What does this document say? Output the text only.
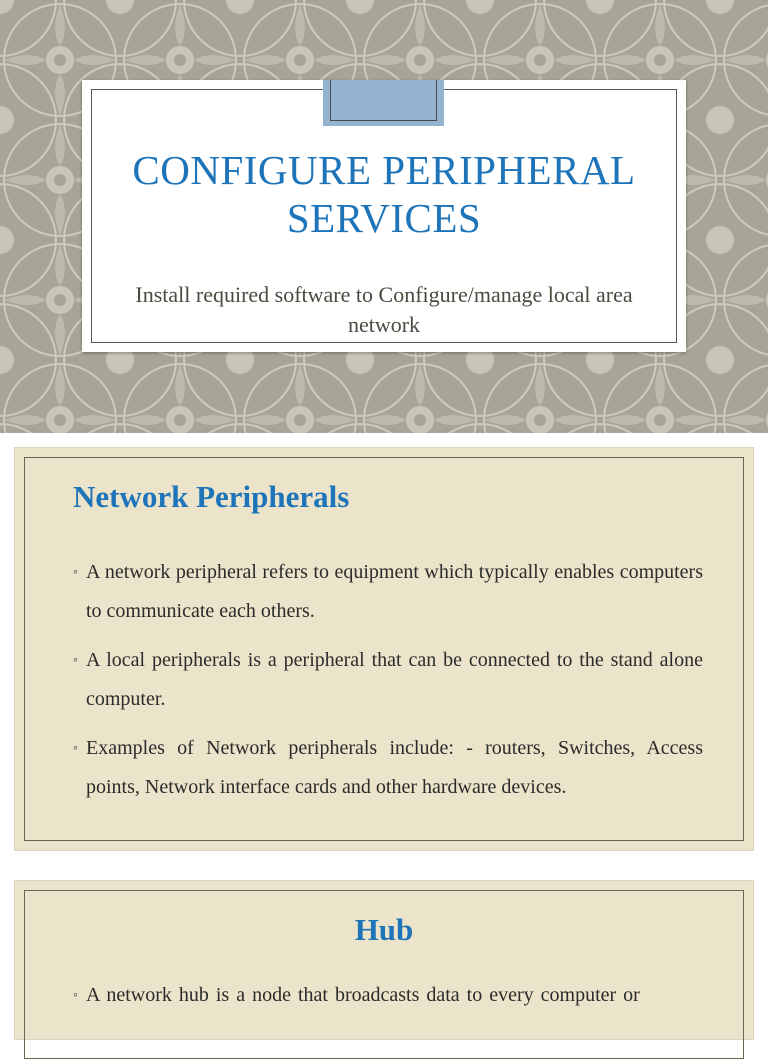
CONFIGURE PERIPHERAL SERVICES
Install required software to Configure/manage local area network
Network Peripherals
◦ A network peripheral refers to equipment which typically enables computers to communicate each others.
◦ A local peripherals is a peripheral that can be connected to the stand alone computer.
◦ Examples of Network peripherals include: - routers, Switches, Access points, Network interface cards and other hardware devices.
Hub
◦ A network hub is a node that broadcasts data to every computer or
